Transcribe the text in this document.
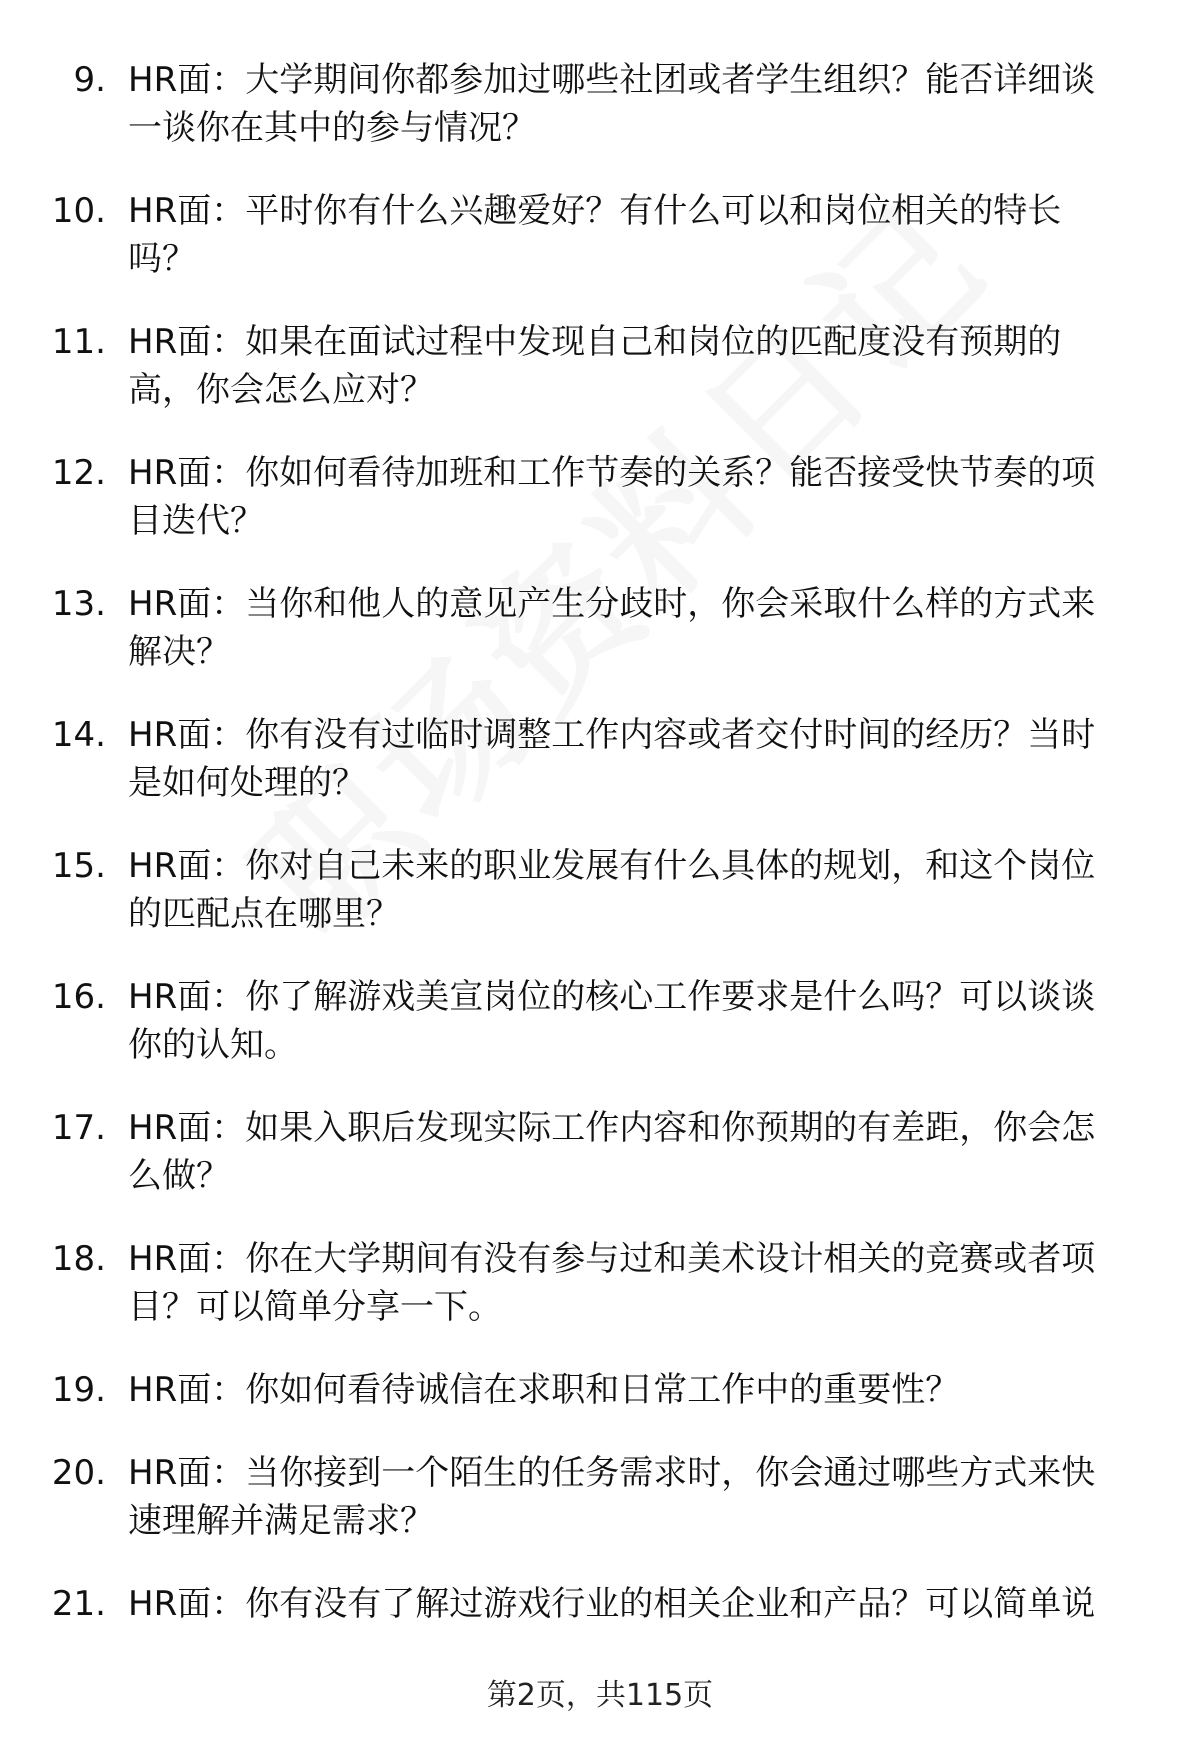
9. HR面：大学期间你都参加过哪些社团或者学生组织？能否详细谈
一谈你在其中的参与情况？
10. HR面：平时你有什么兴趣爱好？有什么可以和岗位相关的特长
吗？
11. HR面：如果在面试过程中发现自己和岗位的匹配度没有预期的
高，你会怎么应对？
12. HR面：你如何看待加班和工作节奏的关系？能否接受快节奏的项
目迭代？
13. HR面：当你和他人的意见产生分歧时，你会采取什么样的方式来
解决？
14. HR面：你有没有过临时调整工作内容或者交付时间的经历？当时
是如何处理的？
15. HR面：你对自己未来的职业发展有什么具体的规划，和这个岗位
的匹配点在哪里？
16. HR面：你了解游戏美宣岗位的核心工作要求是什么吗？可以谈谈
你的认知。
17. HR面：如果入职后发现实际工作内容和你预期的有差距，你会怎
么做？
18. HR面：你在大学期间有没有参与过和美术设计相关的竞赛或者项
目？可以简单分享一下。
19. HR面：你如何看待诚信在求职和日常工作中的重要性？
20. HR面：当你接到一个陌生的任务需求时，你会通过哪些方式来快
速理解并满足需求？
21. HR面：你有没有了解过游戏行业的相关企业和产品？可以简单说
第2页，共115页
